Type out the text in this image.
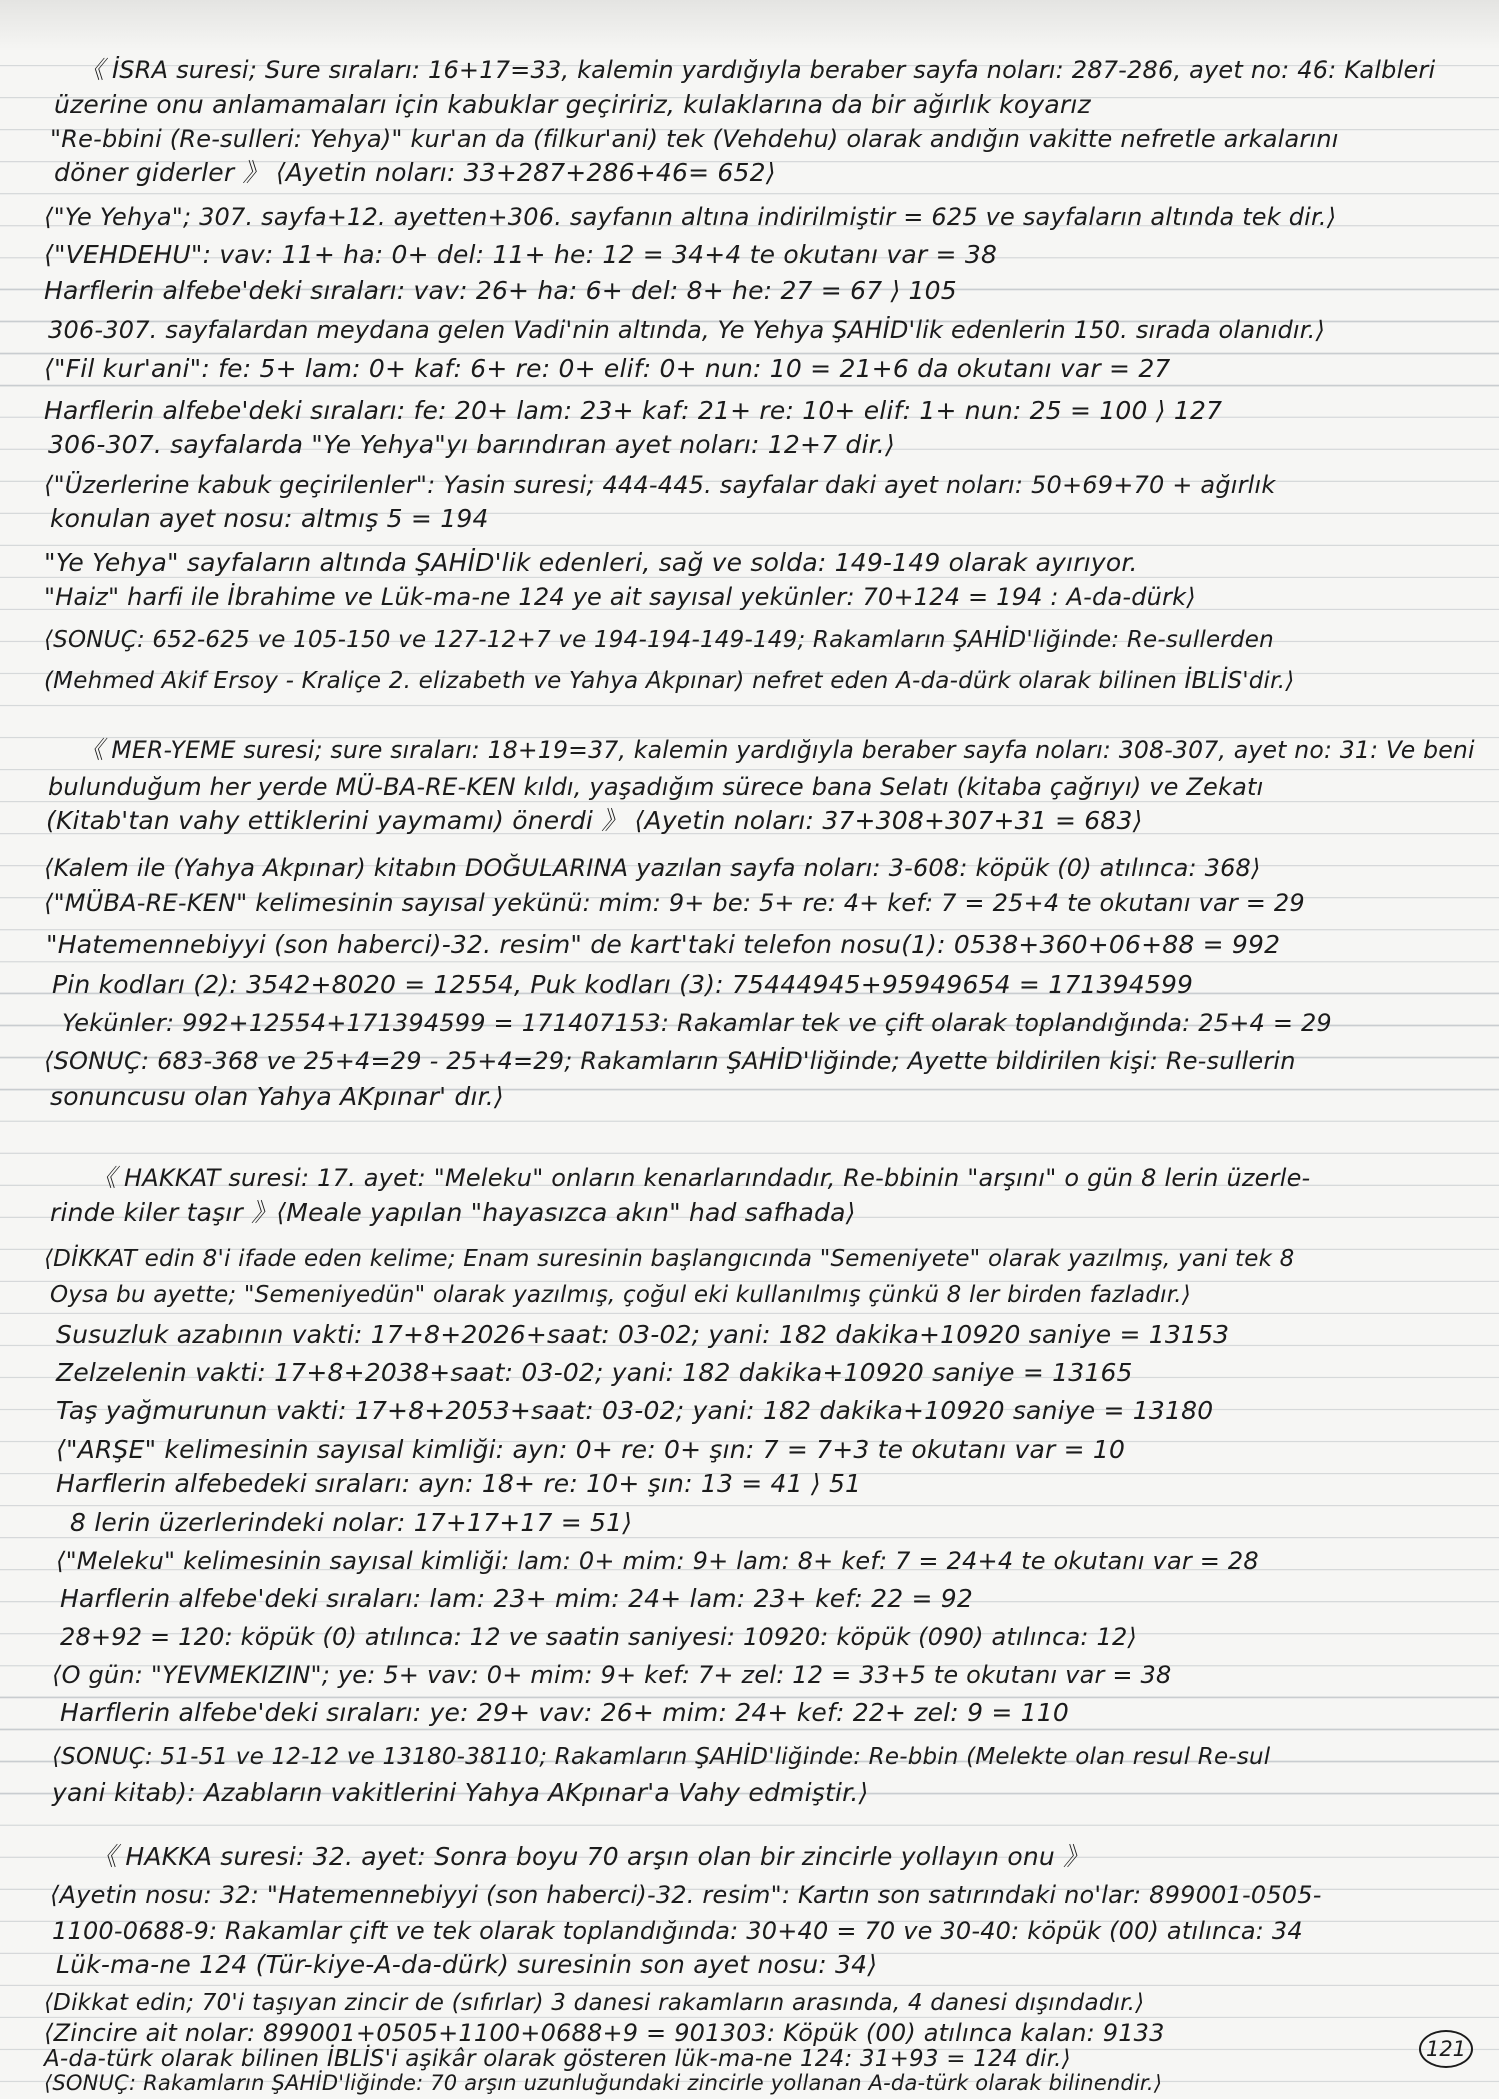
《 İSRA suresi; Sure sıraları: 16+17=33, kalemin yardığıyla beraber sayfa noları: 287-286, ayet no: 46: Kalbleri
üzerine onu anlamamaları için kabuklar geçiririz, kulaklarına da bir ağırlık koyarız
"Re-bbini (Re-sulleri: Yehya)" kur'an da (filkur'ani) tek (Vehdehu) olarak andığın vakitte nefretle arkalarını
döner giderler 》 ⟨Ayetin noları: 33+287+286+46= 652⟩
⟨"Ye Yehya"; 307. sayfa+12. ayetten+306. sayfanın altına indirilmiştir = 625 ve sayfaların altında tek dir.⟩
⟨"VEHDEHU": vav: 11+ ha: 0+ del: 11+ he: 12 = 34+4 te okutanı var = 38
Harflerin alfebe'deki sıraları: vav: 26+ ha: 6+ del: 8+ he: 27 = 67 ⟩ 105
306-307. sayfalardan meydana gelen Vadi'nin altında, Ye Yehya ŞAHİD'lik edenlerin 150. sırada olanıdır.⟩
⟨"Fil kur'ani": fe: 5+ lam: 0+ kaf: 6+ re: 0+ elif: 0+ nun: 10 = 21+6 da okutanı var = 27
Harflerin alfebe'deki sıraları: fe: 20+ lam: 23+ kaf: 21+ re: 10+ elif: 1+ nun: 25 = 100 ⟩ 127
306-307. sayfalarda "Ye Yehya"yı barındıran ayet noları: 12+7 dir.⟩
⟨"Üzerlerine kabuk geçirilenler": Yasin suresi; 444-445. sayfalar daki ayet noları: 50+69+70 + ağırlık
konulan ayet nosu: altmış 5 = 194
"Ye Yehya" sayfaların altında ŞAHİD'lik edenleri, sağ ve solda: 149-149 olarak ayırıyor.
"Haiz" harfi ile İbrahime ve Lük-ma-ne 124 ye ait sayısal yekünler: 70+124 = 194 : A-da-dürk⟩
⟨SONUÇ: 652-625 ve 105-150 ve 127-12+7 ve 194-194-149-149; Rakamların ŞAHİD'liğinde: Re-sullerden
(Mehmed Akif Ersoy - Kraliçe 2. elizabeth ve Yahya Akpınar) nefret eden A-da-dürk olarak bilinen İBLİS'dir.⟩
《 MER-YEME suresi; sure sıraları: 18+19=37, kalemin yardığıyla beraber sayfa noları: 308-307, ayet no: 31: Ve beni
bulunduğum her yerde MÜ-BA-RE-KEN kıldı, yaşadığım sürece bana Selatı (kitaba çağrıyı) ve Zekatı
(Kitab'tan vahy ettiklerini yaymamı) önerdi 》 ⟨Ayetin noları: 37+308+307+31 = 683⟩
⟨Kalem ile (Yahya Akpınar) kitabın DOĞULARINA yazılan sayfa noları: 3-608: köpük (0) atılınca: 368⟩
⟨"MÜBA-RE-KEN" kelimesinin sayısal yekünü: mim: 9+ be: 5+ re: 4+ kef: 7 = 25+4 te okutanı var = 29
"Hatemennebiyyi (son haberci)-32. resim" de kart'taki telefon nosu(1): 0538+360+06+88 = 992
Pin kodları (2): 3542+8020 = 12554, Puk kodları (3): 75444945+95949654 = 171394599
Yekünler: 992+12554+171394599 = 171407153: Rakamlar tek ve çift olarak toplandığında: 25+4 = 29
⟨SONUÇ: 683-368 ve 25+4=29 - 25+4=29; Rakamların ŞAHİD'liğinde; Ayette bildirilen kişi: Re-sullerin
sonuncusu olan Yahya AKpınar' dır.⟩
《 HAKKAT suresi: 17. ayet: "Meleku" onların kenarlarındadır, Re-bbinin "arşını" o gün 8 lerin üzerle-
rinde kiler taşır 》⟨Meale yapılan "hayasızca akın" had safhada⟩
⟨DİKKAT edin 8'i ifade eden kelime; Enam suresinin başlangıcında "Semeniyete" olarak yazılmış, yani tek 8
Oysa bu ayette; "Semeniyedün" olarak yazılmış, çoğul eki kullanılmış çünkü 8 ler birden fazladır.⟩
Susuzluk azabının vakti: 17+8+2026+saat: 03-02; yani: 182 dakika+10920 saniye = 13153
Zelzelenin vakti: 17+8+2038+saat: 03-02; yani: 182 dakika+10920 saniye = 13165
Taş yağmurunun vakti: 17+8+2053+saat: 03-02; yani: 182 dakika+10920 saniye = 13180
⟨"ARŞE" kelimesinin sayısal kimliği: ayn: 0+ re: 0+ şın: 7 = 7+3 te okutanı var = 10
Harflerin alfebedeki sıraları: ayn: 18+ re: 10+ şın: 13 = 41 ⟩ 51
8 lerin üzerlerindeki nolar: 17+17+17 = 51⟩
⟨"Meleku" kelimesinin sayısal kimliği: lam: 0+ mim: 9+ lam: 8+ kef: 7 = 24+4 te okutanı var = 28
Harflerin alfebe'deki sıraları: lam: 23+ mim: 24+ lam: 23+ kef: 22 = 92
28+92 = 120: köpük (0) atılınca: 12 ve saatin saniyesi: 10920: köpük (090) atılınca: 12⟩
⟨O gün: "YEVMEKIZIN"; ye: 5+ vav: 0+ mim: 9+ kef: 7+ zel: 12 = 33+5 te okutanı var = 38
Harflerin alfebe'deki sıraları: ye: 29+ vav: 26+ mim: 24+ kef: 22+ zel: 9 = 110
⟨SONUÇ: 51-51 ve 12-12 ve 13180-38110; Rakamların ŞAHİD'liğinde: Re-bbin (Melekte olan resul Re-sul
yani kitab): Azabların vakitlerini Yahya AKpınar'a Vahy edmiştir.⟩
《 HAKKA suresi: 32. ayet: Sonra boyu 70 arşın olan bir zincirle yollayın onu 》
⟨Ayetin nosu: 32: "Hatemennebiyyi (son haberci)-32. resim": Kartın son satırındaki no'lar: 899001-0505-
1100-0688-9: Rakamlar çift ve tek olarak toplandığında: 30+40 = 70 ve 30-40: köpük (00) atılınca: 34
Lük-ma-ne 124 (Tür-kiye-A-da-dürk) suresinin son ayet nosu: 34⟩
⟨Dikkat edin; 70'i taşıyan zincir de (sıfırlar) 3 danesi rakamların arasında, 4 danesi dışındadır.⟩
⟨Zincire ait nolar: 899001+0505+1100+0688+9 = 901303: Köpük (00) atılınca kalan: 9133
A-da-türk olarak bilinen İBLİS'i aşikâr olarak gösteren lük-ma-ne 124: 31+93 = 124 dir.⟩
⟨SONUÇ: Rakamların ŞAHİD'liğinde: 70 arşın uzunluğundaki zincirle yollanan A-da-türk olarak bilinendir.⟩
121
